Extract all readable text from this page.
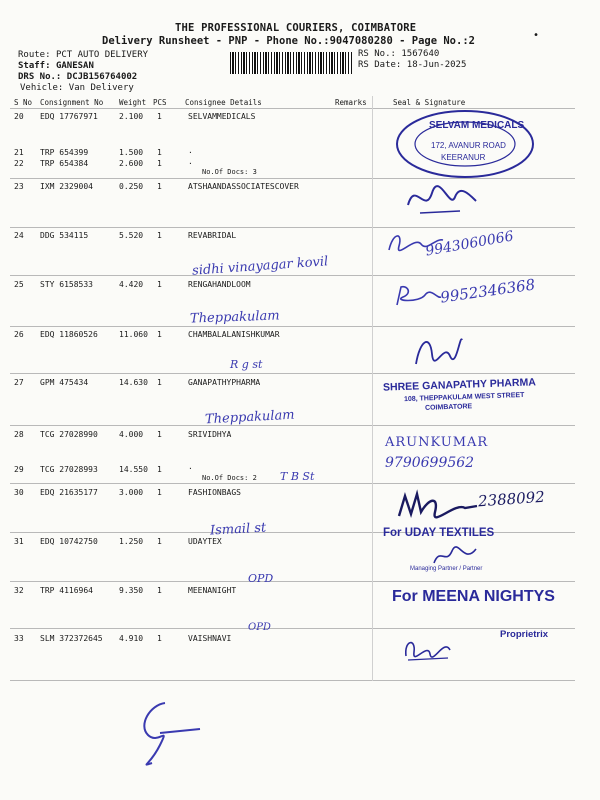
THE PROFESSIONAL COURIERS, COIMBATORE
Delivery Runsheet - PNP - Phone No.:9047080280 - Page No.:2	•
Route: PCT AUTO DELIVERY
Staff: GANESAN
DRS No.: DCJB156764002
Vehicle: Van Delivery
RS No.: 1567640
RS Date: 18-Jun-2025
S No Consignment No Weight PCS Consignee Details	Remarks	Seal & Signature
20 EDQ 17767971	2.100 1	SELVAMMEDICALS
21 TRP 654399	1.500 1	.
22 TRP 654384	2.600 1	.
No.Of Docs: 3
23 IXM 2329004	0.250 1	ATSHAANDASSOCIATESCOVER
24 DDG 534115	5.520 1	REVABRIDAL
25 STY 6158533	4.420 1	RENGAHANDLOOM
26 EDQ 11860526	11.060 1	CHAMBALALANISHKUMAR
27 GPM 475434	14.630 1	GANAPATHYPHARMA
28 TCG 27028990	4.000 1	SRIVIDHYA
29 TCG 27028993	14.550 1	.
No.Of Docs: 2
30 EDQ 21635177	3.000 1	FASHIONBAGS
31 EDQ 10742750	1.250 1	UDAYTEX
32 TRP 4116964	9.350 1	MEENANIGHT
33 SLM 372372645 4.910 1	VAISHNAVI
sidhi vinayagar kovil
Theppakulam
R g st
Theppakulam
T B St
Ismail st
OPD
OPD
SELVAM MEDICALS
172, AVANUR ROAD
KEERANUR
9943060066
9952346368
SHREE GANAPATHY PHARMA
108, THEPPAKULAM WEST STREET
COIMBATORE
ARUNKUMAR
9790699562
2388092
For UDAY TEXTILES
Managing Partner / Partner
For MEENA NIGHTYS
Proprietrix
